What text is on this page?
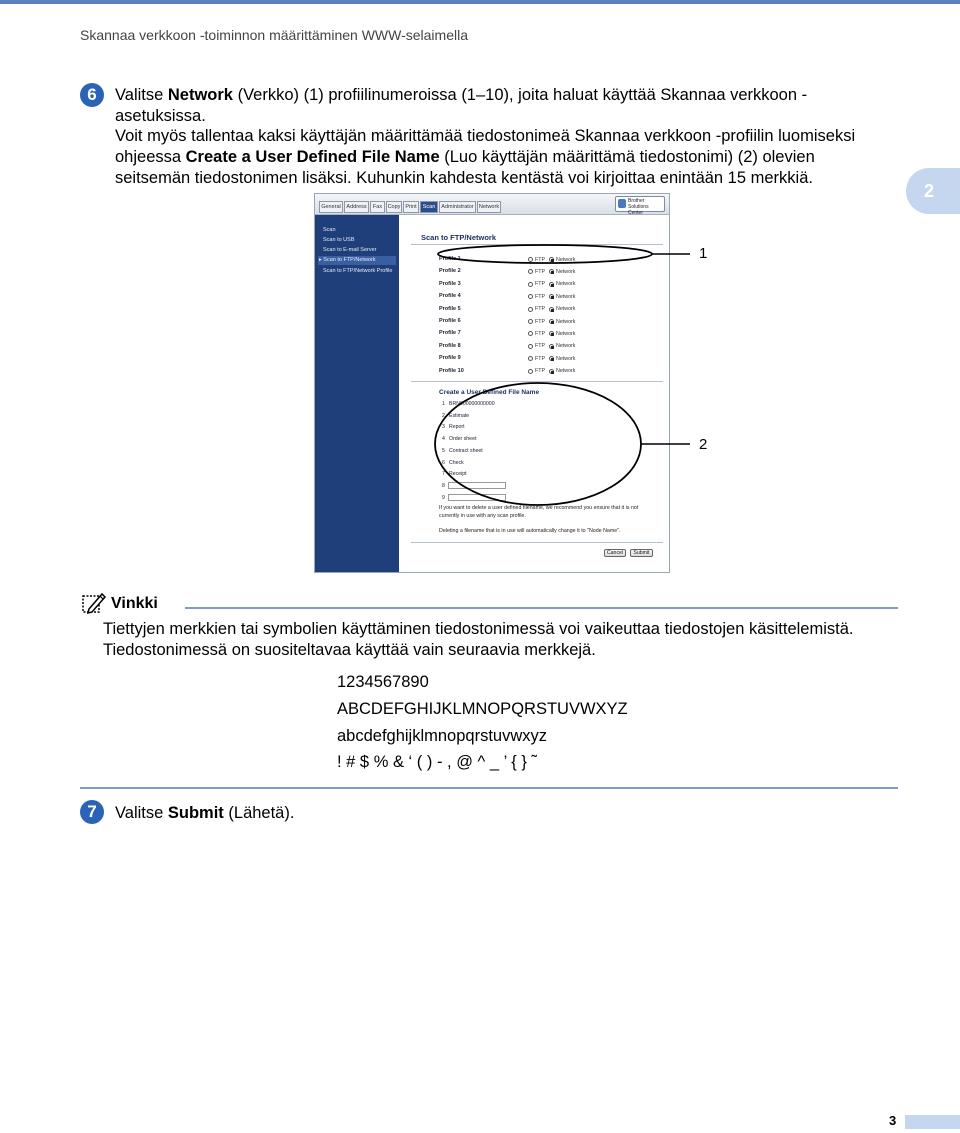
Skannaa verkkoon -toiminnon määrittäminen WWW-selaimella
2
6	Valitse Network (Verkko) (1) profiilinumeroissa (1–10), joita haluat käyttää Skannaa verkkoon -
asetuksissa.
Voit myös tallentaa kaksi käyttäjän määrittämää tiedostonimeä Skannaa verkkoon -profiilin luomiseksi
ohjeessa Create a User Defined File Name (Luo käyttäjän määrittämä tiedostonimi) (2) olevien
seitsemän tiedostonimen lisäksi. Kuhunkin kahdesta kentästä voi kirjoittaa enintään 15 merkkiä.
General	Address	Fax	Copy Print	Scan	Administrator Network
Brother
Solutions Center
Scan
Scan to USB
Scan to E-mail Server
▸ Scan to FTP/Network
Scan to FTP/Network Profile
Scan to FTP/Network
Create a User Defined File Name
If you want to delete a user defined filename, we recommend you ensure that it is not
currently in use with any scan profile.
Deleting a filename that is in use will automatically change it to "Node Name".
Cancel	Submit
Profile 1	FTP Network
Profile 2	FTP Network
Profile 3	FTP Network
Profile 4	FTP Network
Profile 5	FTP Network
Profile 6	FTP Network
Profile 7	FTP Network
Profile 8	FTP Network
Profile 9	FTP Network
Profile 10	FTP Network
1 BRN000000000000
2 Estimate
3 Report
4 Order sheet
5 Contract sheet
6 Check
7 Receipt
8
9
1
2
Vinkki
Tiettyjen merkkien tai symbolien käyttäminen tiedostonimessä voi vaikeuttaa tiedostojen käsittelemistä.
Tiedostonimessä on suositeltavaa käyttää vain seuraavia merkkejä.
1234567890
ABCDEFGHIJKLMNOPQRSTUVWXYZ
abcdefghijklmnopqrstuvwxyz
! # $ % & ‘ ( ) - , @ ^ _ ’ { } ˜
7	Valitse Submit (Lähetä).
3
